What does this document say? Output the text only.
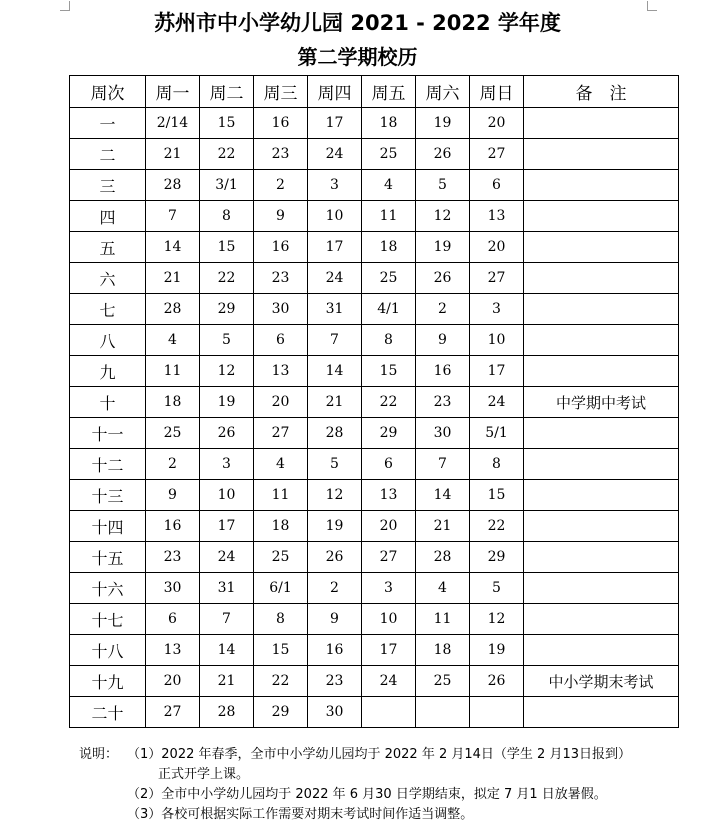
苏州市中小学幼儿园 2021 - 2022 学年度
第二学期校历
周次	周一	周二	周三	周四	周五	周六	周日	备　注
一	2/14	15	16	17	18	19	20	
二	21	22	23	24	25	26	27	
三	28	3/1	2	3	4	5	6	
四	7	8	9	10	11	12	13	
五	14	15	16	17	18	19	20	
六	21	22	23	24	25	26	27	
七	28	29	30	31	4/1	2	3	
八	4	5	6	7	8	9	10	
九	11	12	13	14	15	16	17	
十	18	19	20	21	22	23	24	中学期中考试
十一	25	26	27	28	29	30	5/1	
十二	2	3	4	5	6	7	8	
十三	9	10	11	12	13	14	15	
十四	16	17	18	19	20	21	22	
十五	23	24	25	26	27	28	29	
十六	30	31	6/1	2	3	4	5	
十七	6	7	8	9	10	11	12	
十八	13	14	15	16	17	18	19	
十九	20	21	22	23	24	25	26	中小学期末考试
二十	27	28	29	30				
说明： （1）2022 年春季，全市中小学幼儿园均于 2022 年 2 月14日（学生 2 月13日报到）
正式开学上课。
（2）全市中小学幼儿园均于 2022 年 6 月30 日学期结束，拟定 7 月1 日放暑假。
（3）各校可根据实际工作需要对期末考试时间作适当调整。
